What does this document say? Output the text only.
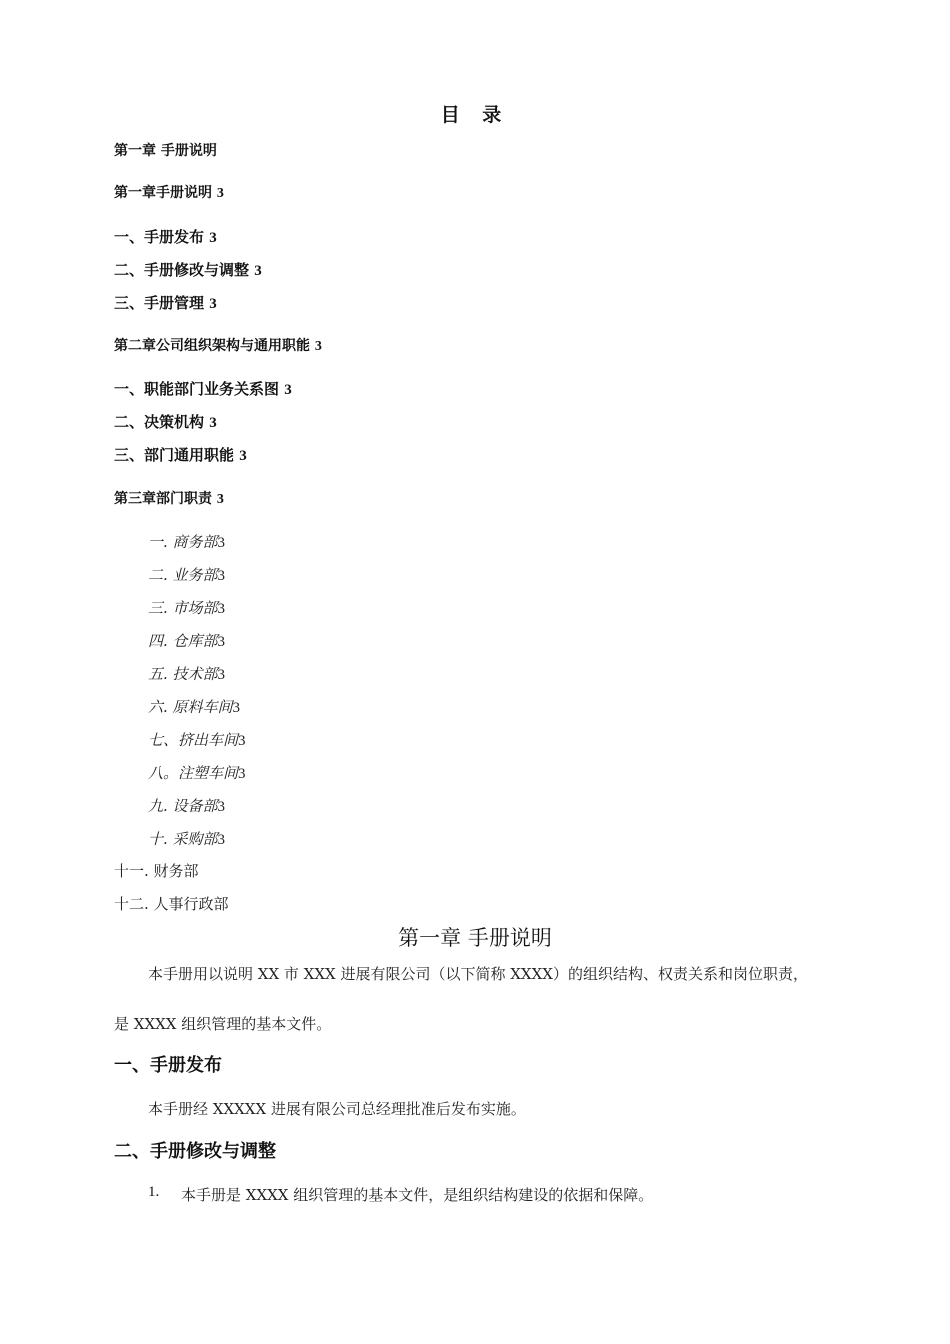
目 录
第一章 手册说明
第一章手册说明 3
一、手册发布 3
二、手册修改与调整 3
三、手册管理 3
第二章公司组织架构与通用职能 3
一、职能部门业务关系图 3
二、决策机构 3
三、部门通用职能 3
第三章部门职责 3
一. 商务部3
二. 业务部3
三. 市场部3
四. 仓库部3
五. 技术部3
六. 原料车间3
七、挤出车间3
八。注塑车间3
九. 设备部3
十. 采购部3
十一. 财务部
十二. 人事行政部
第一章 手册说明
本手册用以说明 XX 市 XXX 进展有限公司（以下简称 XXXX）的组织结构、权责关系和岗位职责，
是 XXXX 组织管理的基本文件。
一、手册发布
本手册经 XXXXX 进展有限公司总经理批准后发布实施。
二、手册修改与调整
1. 本手册是 XXXX 组织管理的基本文件，是组织结构建设的依据和保障。
